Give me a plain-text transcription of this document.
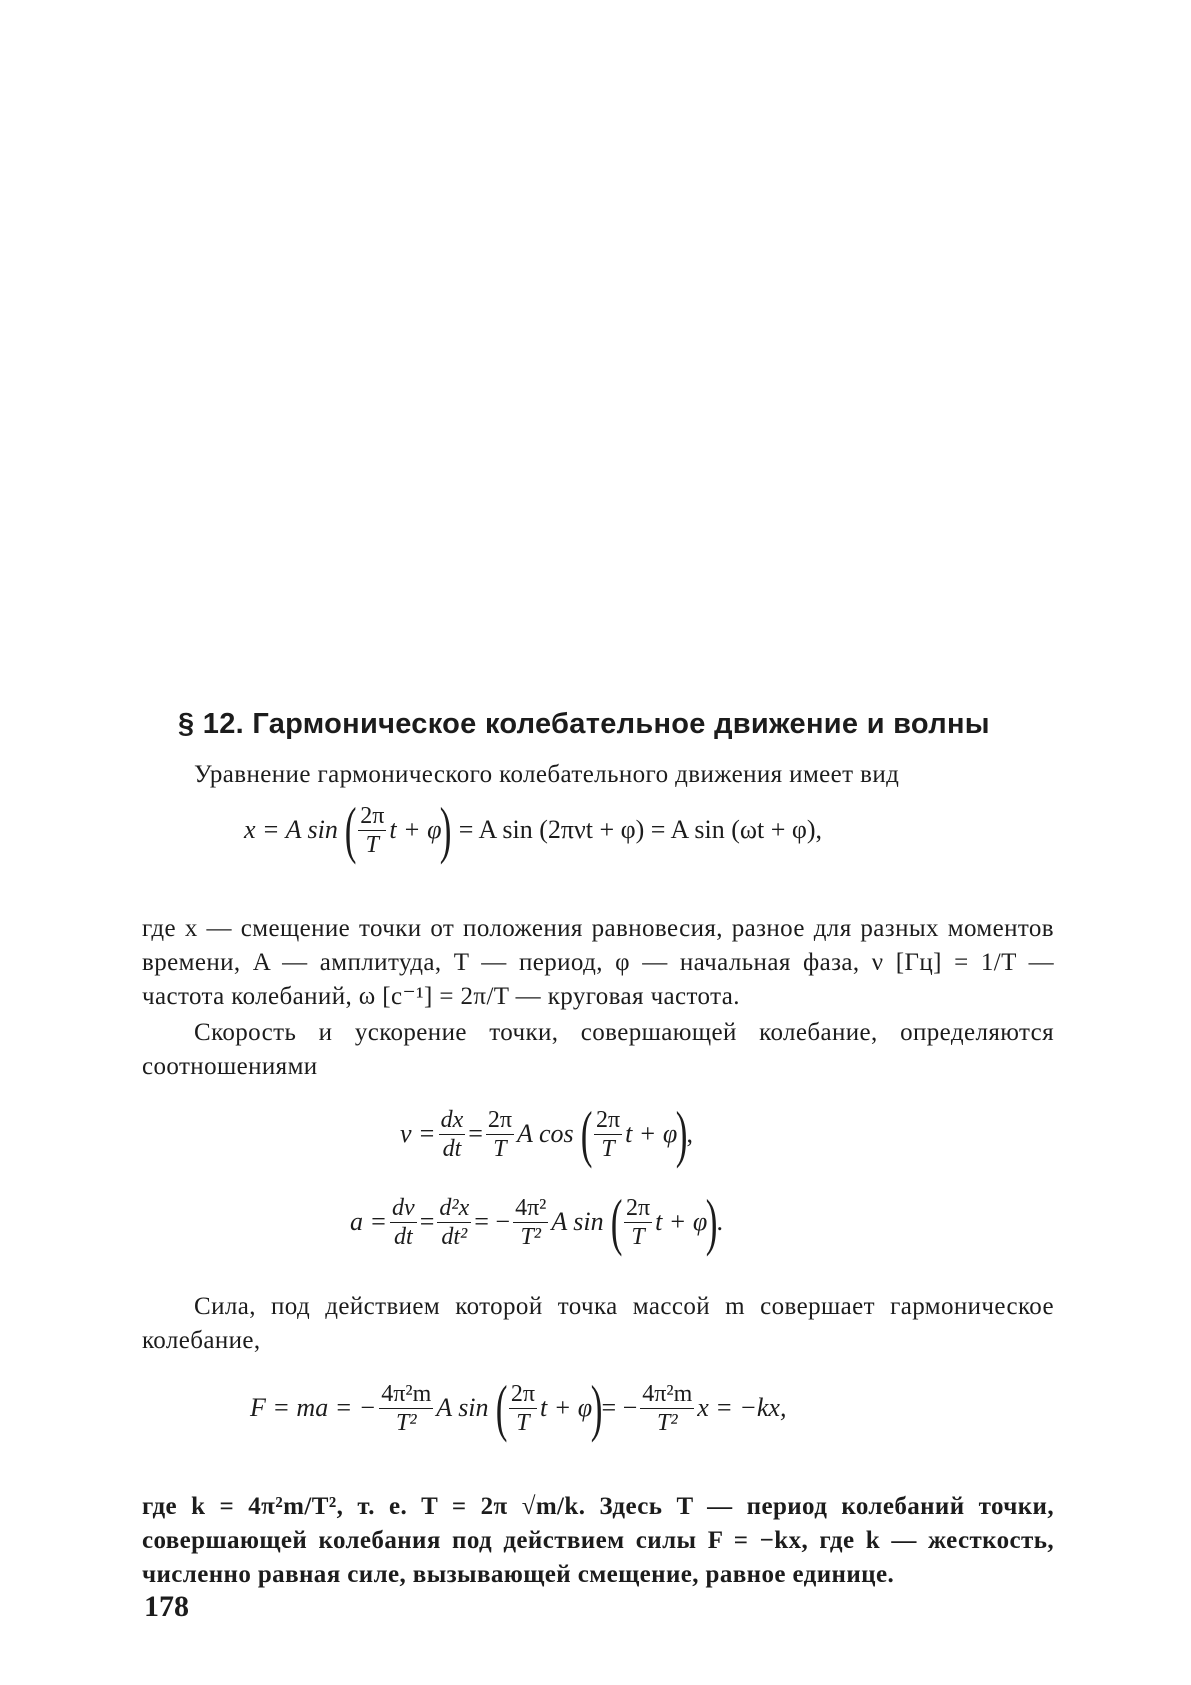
§ 12. Гармоническое колебательное движение и волны
Уравнение гармонического колебательного движения имеет вид
x = A sin ( $\frac{2\pi}{T}$ t + φ
) = A sin (2πνt + φ) = A sin (ωt + φ),
где x — смещение точки от положения равновесия, разное для разных моментов времени, A — амплитуда, T — период, φ — начальная фаза, ν [Гц] = 1/T — частота колебаний, ω [с⁻¹] = 2π/T — круговая частота.
Скорость и ускорение точки, совершающей колебание, определяются соотношениями
$v = \frac{dx}{dt} = \frac{2\pi}{T}$ A cos ( $\frac{2\pi}{T}$ t + φ
)
,
$a = \frac{dv}{dt} = \frac{\text{d²x}}{\text{dt²}}$ = − $\frac{\text{4π²}}{\text{T²}}$ A sin ( $\frac{2\pi}{T}$ t + φ
)
.
Сила, под действием которой точка массой m совершает гармоническое колебание,
F = ma = − $\frac{\text{4π²m}}{\text{T²}}$ A sin ( $\frac{2\pi}{T}$ t + φ
)
= − $\frac{\text{4π²m}}{\text{T²}}$ x = −kx,
где k = 4π²m/T², т. е. T = 2π √m/k. Здесь T — период колебаний точки, совершающей колебания под действием силы F = −kx, где k — жесткость, численно равная силе, вызывающей смещение, равное единице.
178
